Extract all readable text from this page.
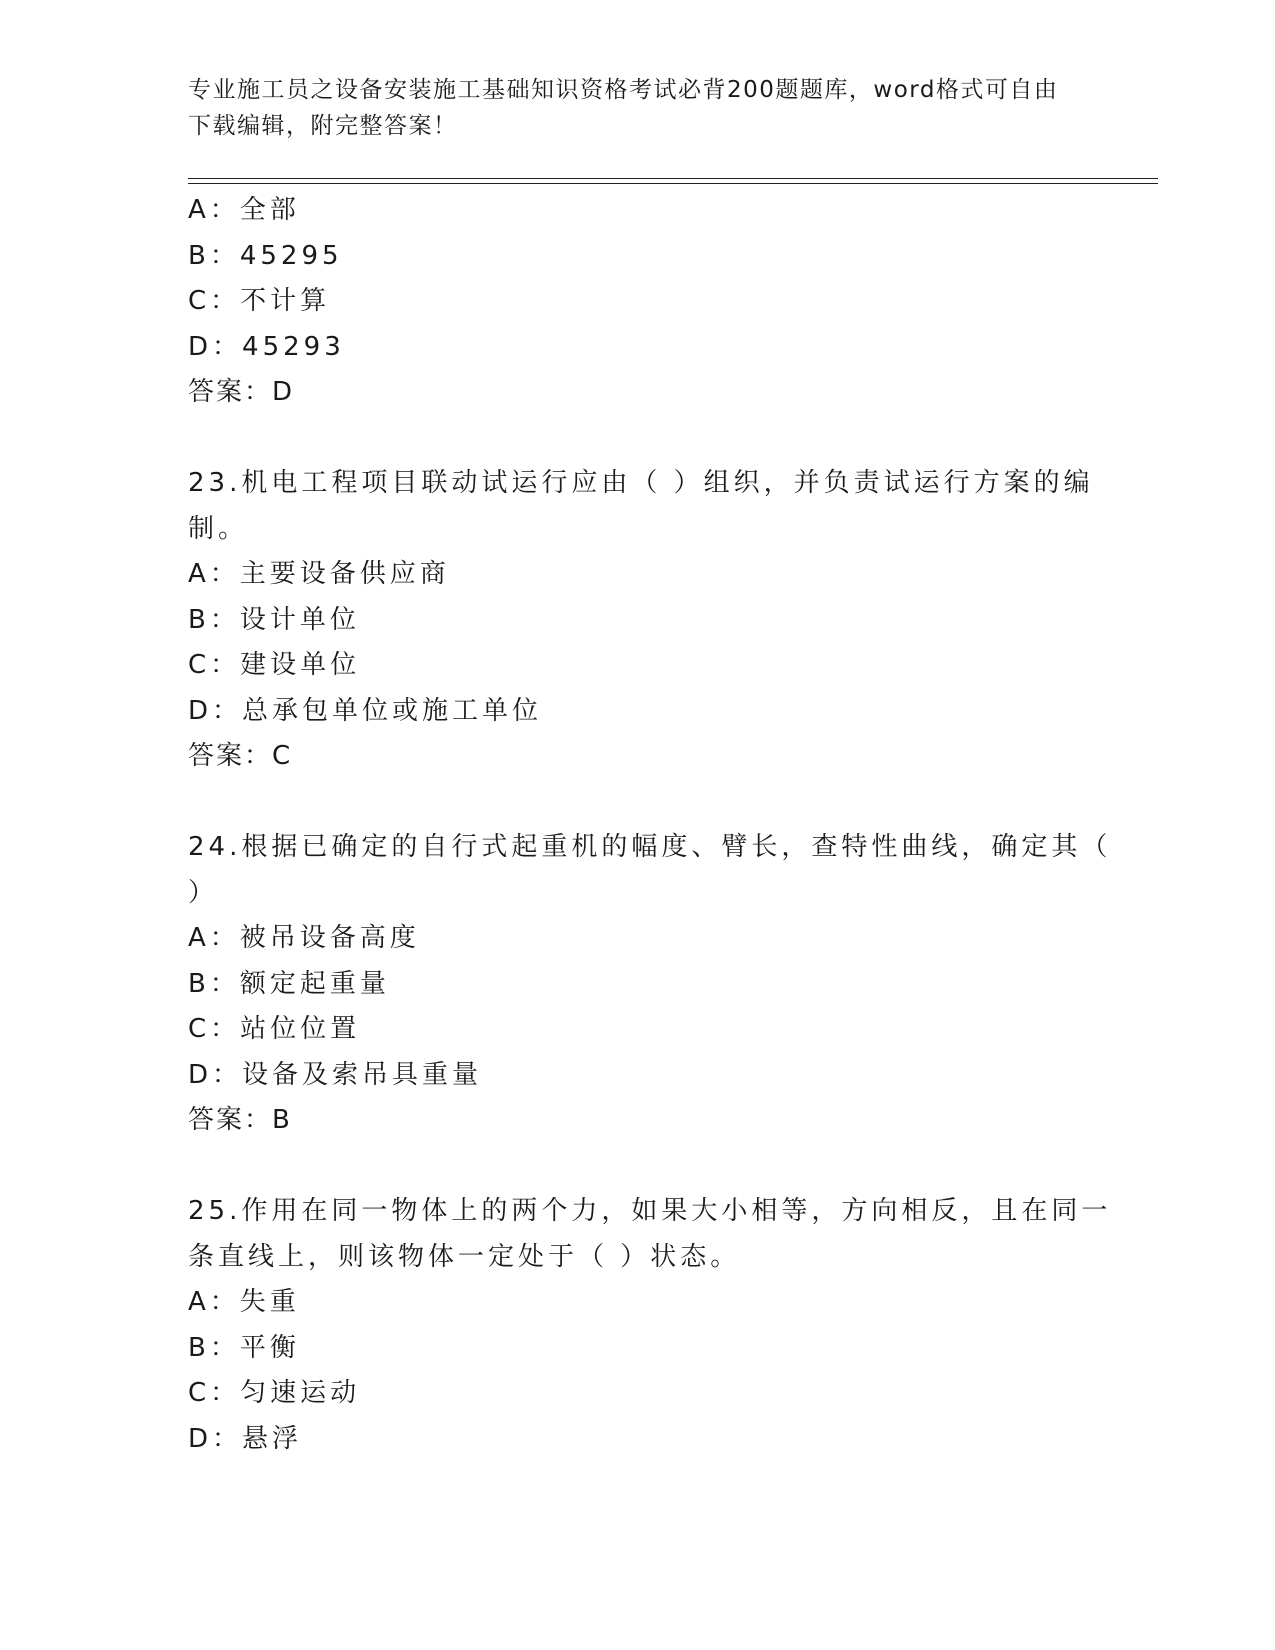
专业施工员之设备安装施工基础知识资格考试必背200题题库，word格式可自由
下载编辑，附完整答案！
A：全部
B：45295
C：不计算
D：45293
答案：D
23.机电工程项目联动试运行应由（ ）组织，并负责试运行方案的编
制。
A：主要设备供应商
B：设计单位
C：建设单位
D：总承包单位或施工单位
答案：C
24.根据已确定的自行式起重机的幅度、臂长，查特性曲线，确定其（
）
A：被吊设备高度
B：额定起重量
C：站位位置
D：设备及索吊具重量
答案：B
25.作用在同一物体上的两个力，如果大小相等，方向相反，且在同一
条直线上，则该物体一定处于（ ）状态。
A：失重
B：平衡
C：匀速运动
D：悬浮
